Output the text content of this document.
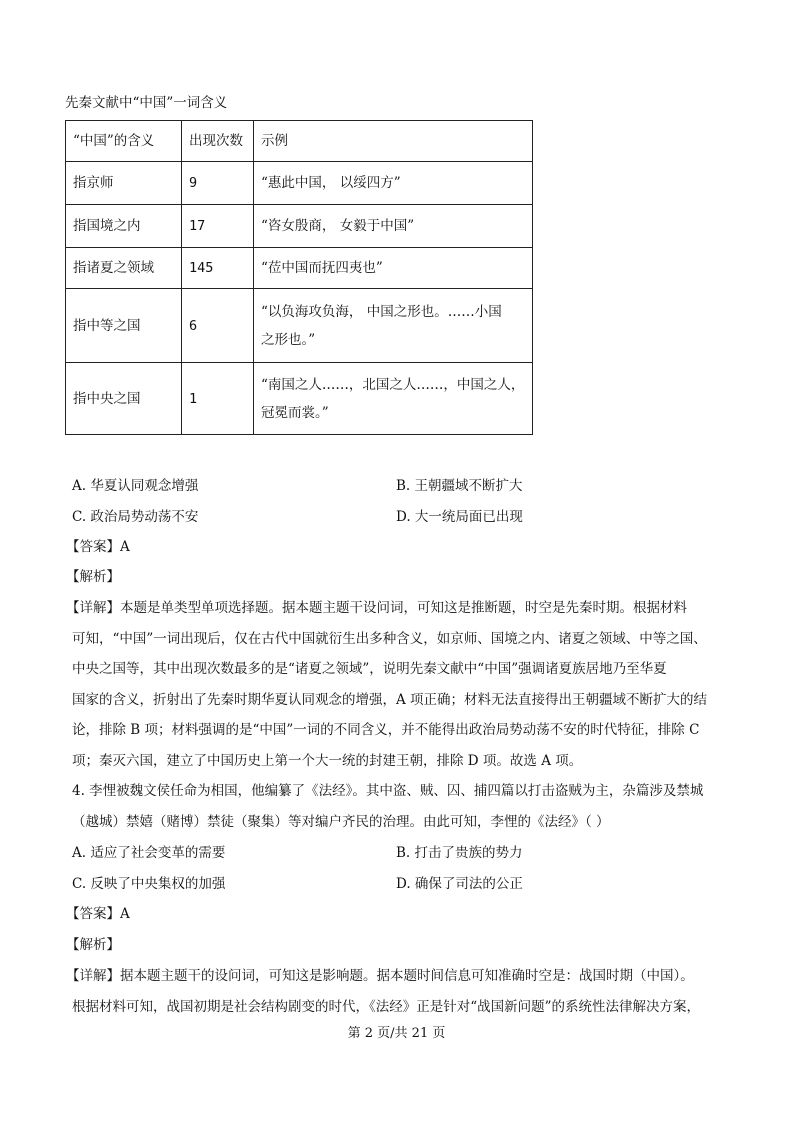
先秦文献中“中国”一词含义
“中国”的含义	出现次数	示例
指京师	9	“惠此中国， 以绥四方”
指国境之内	17	“咨女殷商， 女毅于中国”
指诸夏之领域	145	“莅中国而抚四夷也”
指中等之国	6	“以负海攻负海， 中国之形也。……小国
之形也。”

指中央之国	1	“南国之人……，北国之人……，中国之人，
冠冕而裳。”
A. 华夏认同观念增强	B. 王朝疆域不断扩大
C. 政治局势动荡不安	D. 大一统局面已出现
【答案】A
【解析】
【详解】本题是单类型单项选择题。据本题主题干设问词，可知这是推断题，时空是先秦时期。根据材料
可知，“中国”一词出现后，仅在古代中国就衍生出多种含义，如京师、国境之内、诸夏之领域、中等之国、
中央之国等，其中出现次数最多的是“诸夏之领域”，说明先秦文献中“中国”强调诸夏族居地乃至华夏
国家的含义，折射出了先秦时期华夏认同观念的增强，A 项正确；材料无法直接得出王朝疆域不断扩大的结
论，排除 B 项；材料强调的是“中国”一词的不同含义，并不能得出政治局势动荡不安的时代特征，排除 C
项；秦灭六国，建立了中国历史上第一个大一统的封建王朝，排除 D 项。故选 A 项。
4. 李悝被魏文侯任命为相国，他编纂了《法经》。其中盗、贼、囚、捕四篇以打击盗贼为主，杂篇涉及禁城
（越城）禁嬉（赌博）禁徒（聚集）等对编户齐民的治理。由此可知，李悝的《法经》（ ）
A. 适应了社会变革的需要	B. 打击了贵族的势力
C. 反映了中央集权的加强	D. 确保了司法的公正
【答案】A
【解析】
【详解】据本题主题干的设问词，可知这是影响题。据本题时间信息可知准确时空是：战国时期（中国）。
根据材料可知，战国初期是社会结构剧变的时代，《法经》正是针对“战国新问题”的系统性法律解决方案，
第 2 页/共 21 页
